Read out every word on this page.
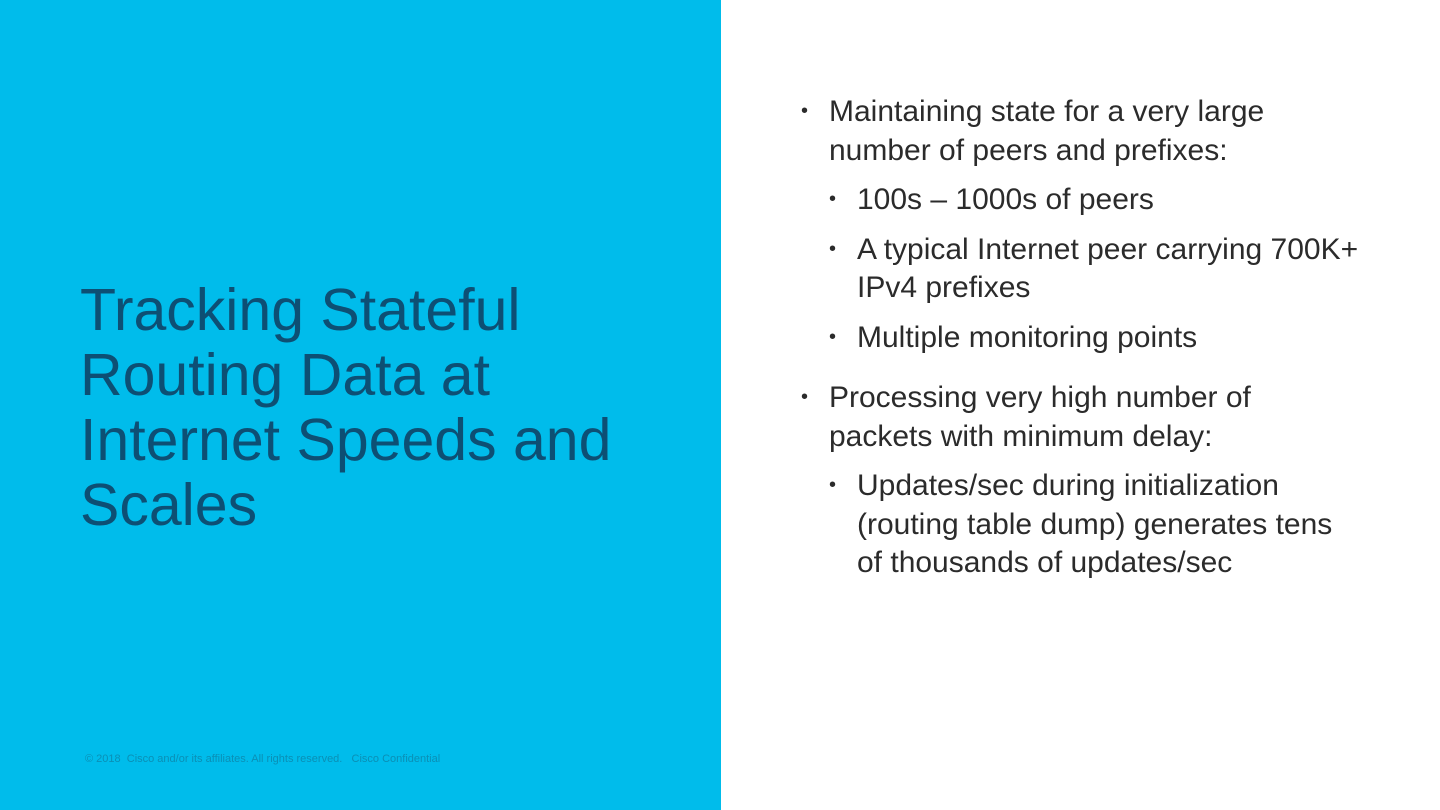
Tracking Stateful Routing Data at Internet Speeds and Scales
© 2018  Cisco and/or its affiliates. All rights reserved.   Cisco Confidential
• Maintaining state for a very large number of peers and prefixes:
• 100s – 1000s of peers
• A typical Internet peer carrying 700K+ IPv4 prefixes
• Multiple monitoring points
• Processing very high number of packets with minimum delay:
• Updates/sec during initialization (routing table dump) generates tens of thousands of updates/sec
